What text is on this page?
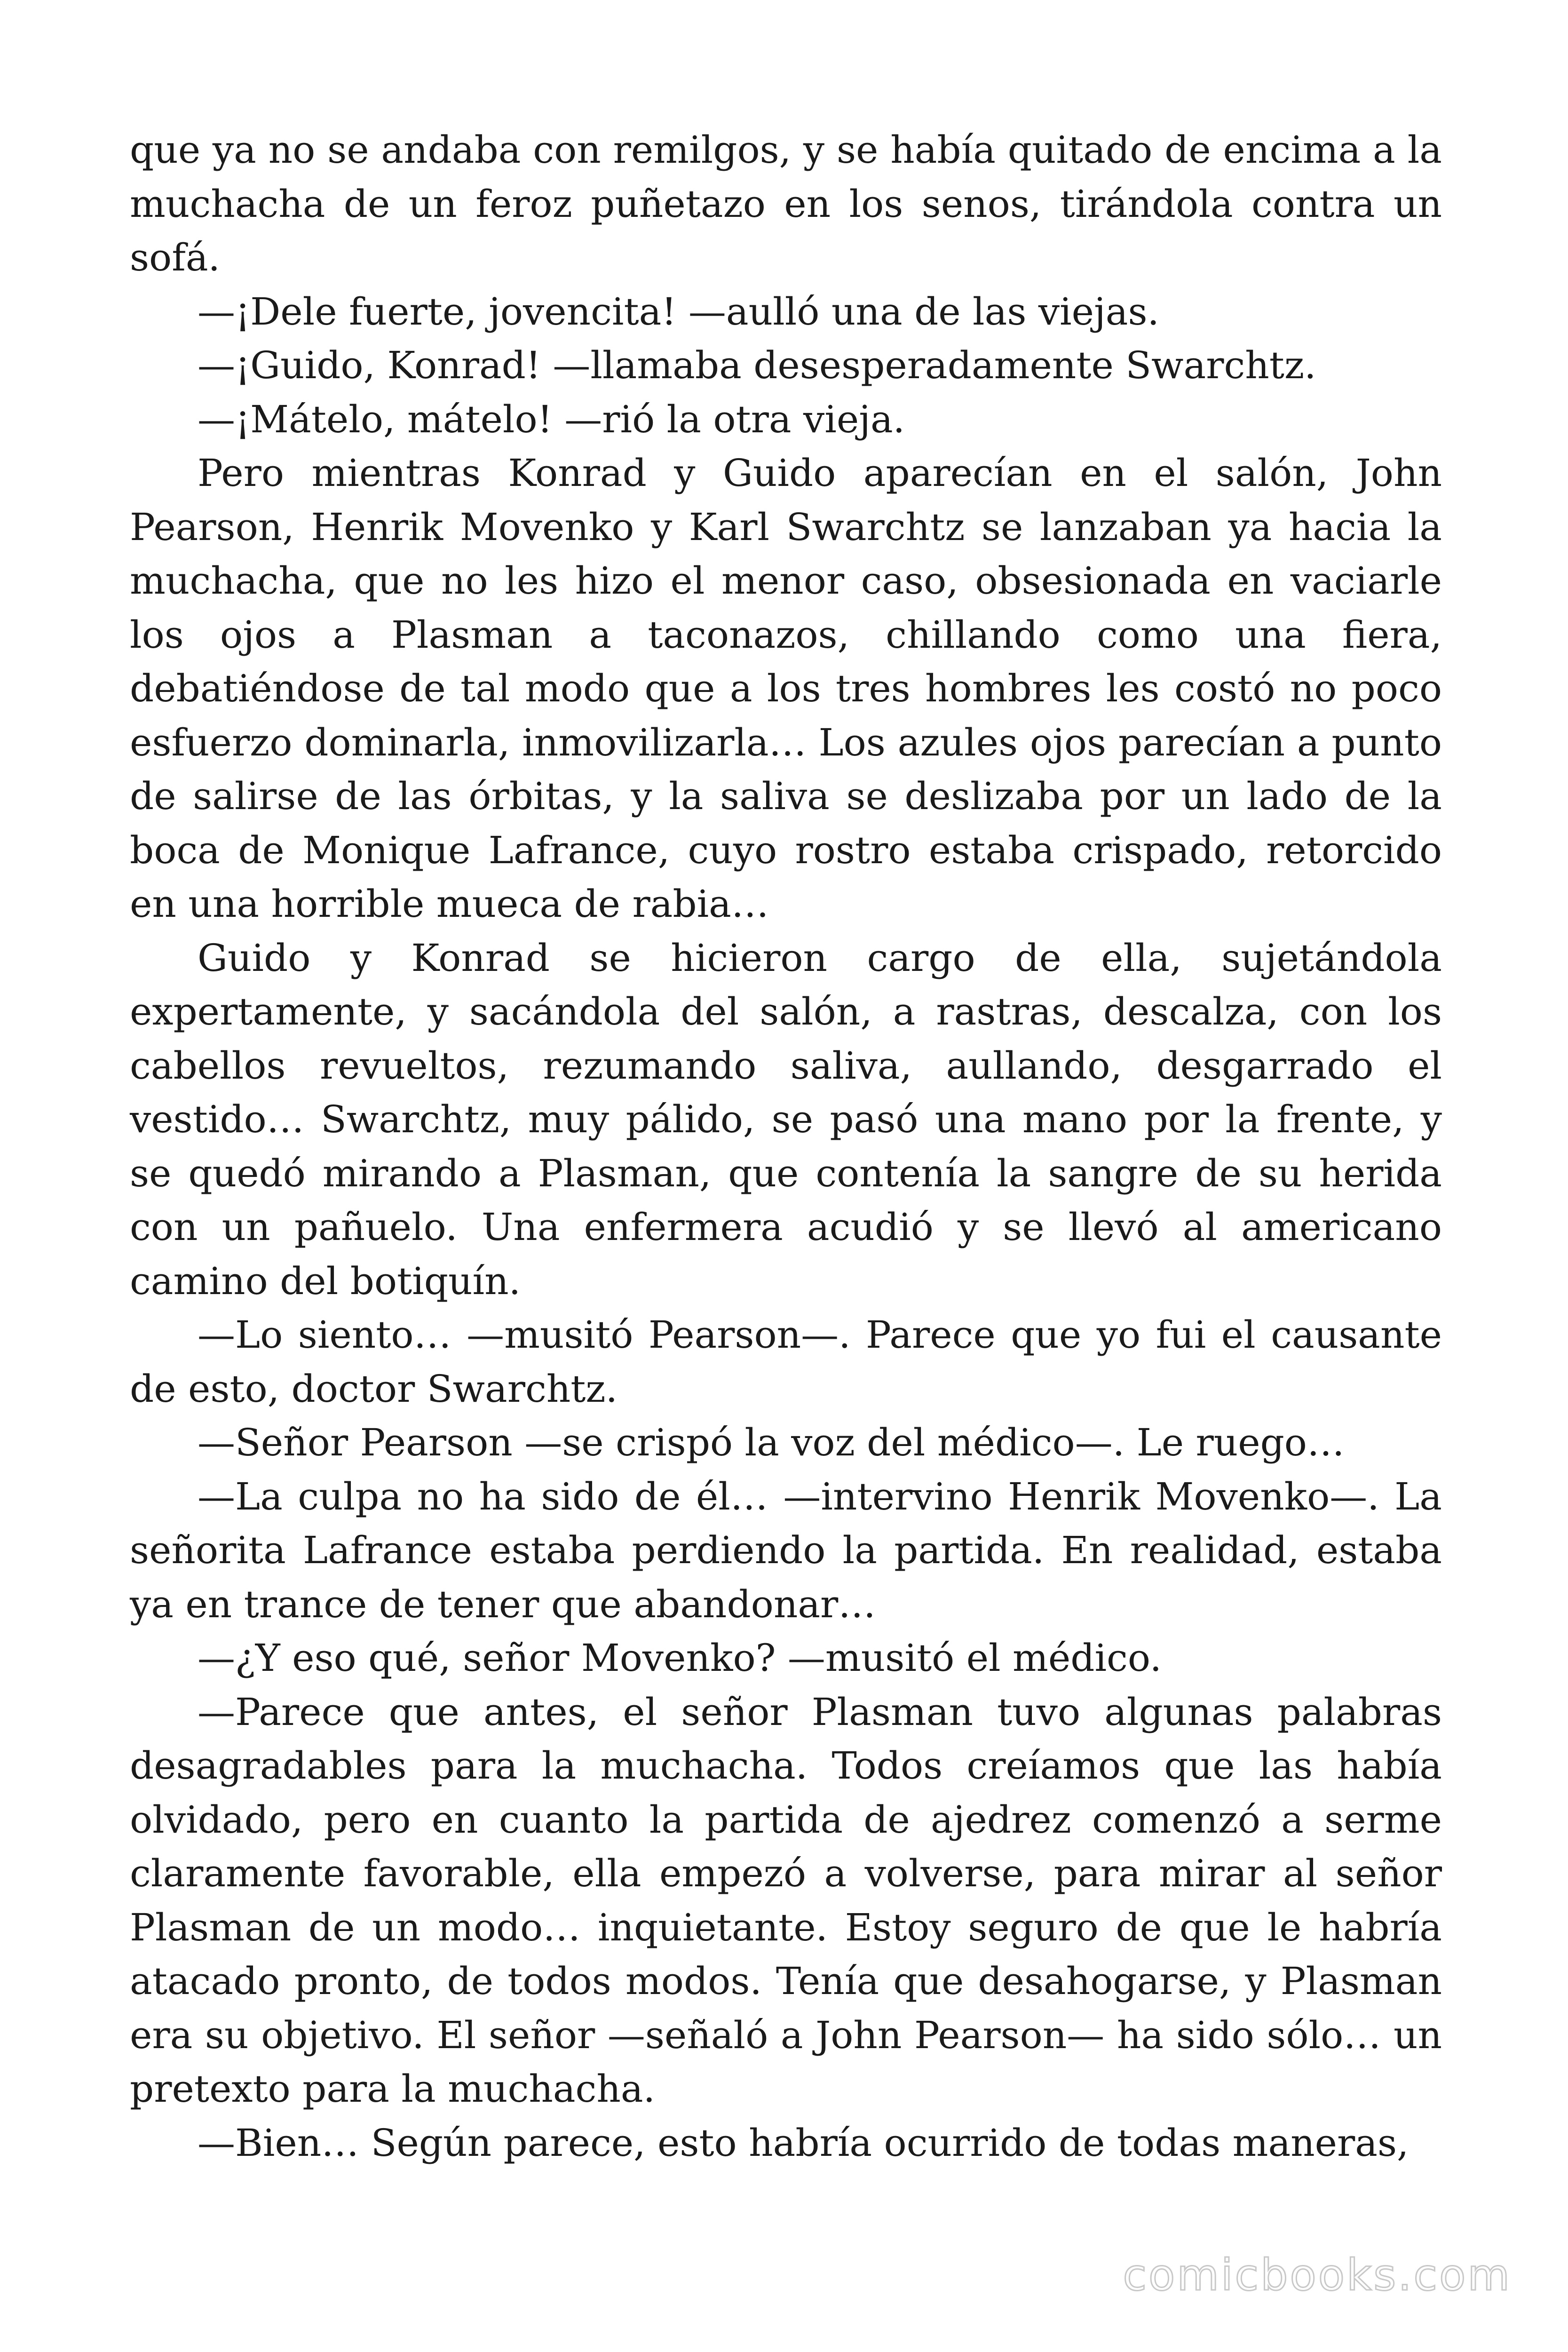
que ya no se andaba con remilgos, y se había quitado de encima a la muchacha de un feroz puñetazo en los senos, tirándola contra un sofá.

—¡Dele fuerte, jovencita! —aulló una de las viejas.

—¡Guido, Konrad! —llamaba desesperadamente Swarchtz.

—¡Mátelo, mátelo! —rió la otra vieja.

Pero mientras Konrad y Guido aparecían en el salón, John Pearson, Henrik Movenko y Karl Swarchtz se lanzaban ya hacia la muchacha, que no les hizo el menor caso, obsesionada en vaciarle los ojos a Plasman a taconazos, chillando como una fiera, debatiéndose de tal modo que a los tres hombres les costó no poco esfuerzo dominarla, inmovilizarla… Los azules ojos parecían a punto de salirse de las órbitas, y la saliva se deslizaba por un lado de la boca de Monique Lafrance, cuyo rostro estaba crispado, retorcido en una horrible mueca de rabia…

Guido y Konrad se hicieron cargo de ella, sujetándola expertamente, y sacándola del salón, a rastras, descalza, con los cabellos revueltos, rezumando saliva, aullando, desgarrado el vestido… Swarchtz, muy pálido, se pasó una mano por la frente, y se quedó mirando a Plasman, que contenía la sangre de su herida con un pañuelo. Una enfermera acudió y se llevó al americano camino del botiquín.

—Lo siento… —musitó Pearson—. Parece que yo fui el causante de esto, doctor Swarchtz.

—Señor Pearson —se crispó la voz del médico—. Le ruego…

—La culpa no ha sido de él… —intervino Henrik Movenko—. La señorita Lafrance estaba perdiendo la partida. En realidad, estaba ya en trance de tener que abandonar…

—¿Y eso qué, señor Movenko? —musitó el médico.

—Parece que antes, el señor Plasman tuvo algunas palabras desagradables para la muchacha. Todos creíamos que las había olvidado, pero en cuanto la partida de ajedrez comenzó a serme claramente favorable, ella empezó a volverse, para mirar al señor Plasman de un modo… inquietante. Estoy seguro de que le habría atacado pronto, de todos modos. Tenía que desahogarse, y Plasman era su objetivo. El señor —señaló a John Pearson— ha sido sólo… un pretexto para la muchacha.

—Bien… Según parece, esto habría ocurrido de todas maneras,

comicbooks.com
